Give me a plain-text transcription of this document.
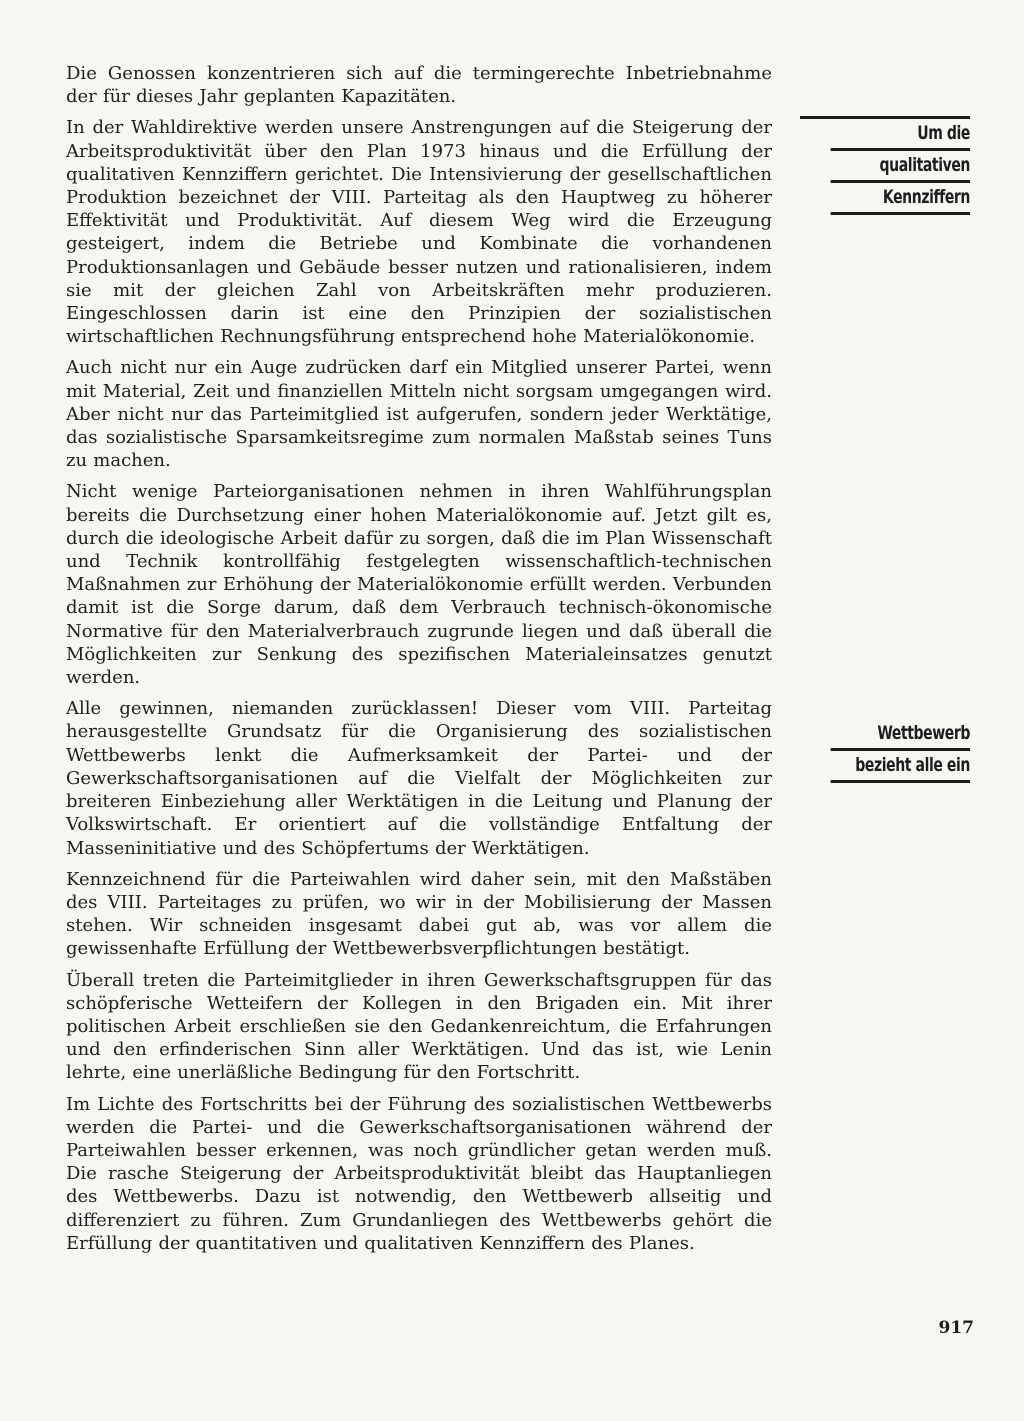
Die Genossen konzentrieren sich auf die termingerechte Inbetriebnahme der für dieses Jahr geplanten Kapazitäten.

In der Wahldirektive werden unsere Anstrengungen auf die Steigerung der Arbeitsproduktivität über den Plan 1973 hinaus und die Erfüllung der qualitativen Kennziffern gerichtet. Die Intensivierung der gesellschaftlichen Produktion bezeichnet der VIII. Parteitag als den Hauptweg zu höherer Effektivität und Produktivität. Auf diesem Weg wird die Erzeugung gesteigert, indem die Betriebe und Kombinate die vorhandenen Produktionsanlagen und Gebäude besser nutzen und rationalisieren, indem sie mit der gleichen Zahl von Arbeitskräften mehr produzieren. Eingeschlossen darin ist eine den Prinzipien der sozialistischen wirtschaftlichen Rechnungsführung entsprechend hohe Materialökonomie.

Auch nicht nur ein Auge zudrücken darf ein Mitglied unserer Partei, wenn mit Material, Zeit und finanziellen Mitteln nicht sorgsam umgegangen wird. Aber nicht nur das Parteimitglied ist aufgerufen, sondern jeder Werktätige, das sozialistische Sparsamkeitsregime zum normalen Maßstab seines Tuns zu machen.

Nicht wenige Parteiorganisationen nehmen in ihren Wahlführungsplan bereits die Durchsetzung einer hohen Materialökonomie auf. Jetzt gilt es, durch die ideologische Arbeit dafür zu sorgen, daß die im Plan Wissenschaft und Technik kontrollfähig festgelegten wissenschaftlich-technischen Maßnahmen zur Erhöhung der Materialökonomie erfüllt werden. Verbunden damit ist die Sorge darum, daß dem Verbrauch technisch-ökonomische Normative für den Materialverbrauch zugrunde liegen und daß überall die Möglichkeiten zur Senkung des spezifischen Materialeinsatzes genutzt werden.

Alle gewinnen, niemanden zurücklassen! Dieser vom VIII. Parteitag herausgestellte Grundsatz für die Organisierung des sozialistischen Wettbewerbs lenkt die Aufmerksamkeit der Partei- und der Gewerkschaftsorganisationen auf die Vielfalt der Möglichkeiten zur breiteren Einbeziehung aller Werktätigen in die Leitung und Planung der Volkswirtschaft. Er orientiert auf die vollständige Entfaltung der Masseninitiative und des Schöpfertums der Werktätigen.

Kennzeichnend für die Parteiwahlen wird daher sein, mit den Maßstäben des VIII. Parteitages zu prüfen, wo wir in der Mobilisierung der Massen stehen. Wir schneiden insgesamt dabei gut ab, was vor allem die gewissenhafte Erfüllung der Wettbewerbsverpflichtungen bestätigt.

Überall treten die Parteimitglieder in ihren Gewerkschaftsgruppen für das schöpferische Wetteifern der Kollegen in den Brigaden ein. Mit ihrer politischen Arbeit erschließen sie den Gedankenreichtum, die Erfahrungen und den erfinderischen Sinn aller Werktätigen. Und das ist, wie Lenin lehrte, eine unerläßliche Bedingung für den Fortschritt.

Im Lichte des Fortschritts bei der Führung des sozialistischen Wettbewerbs werden die Partei- und die Gewerkschaftsorganisationen während der Parteiwahlen besser erkennen, was noch gründlicher getan werden muß. Die rasche Steigerung der Arbeitsproduktivität bleibt das Hauptanliegen des Wettbewerbs. Dazu ist notwendig, den Wettbewerb allseitig und differenziert zu führen. Zum Grundanliegen des Wettbewerbs gehört die Erfüllung der quantitativen und qualitativen Kennziffern des Planes.

Um die
qualitativen
Kennziffern
Wettbewerb
bezieht alle ein
917
